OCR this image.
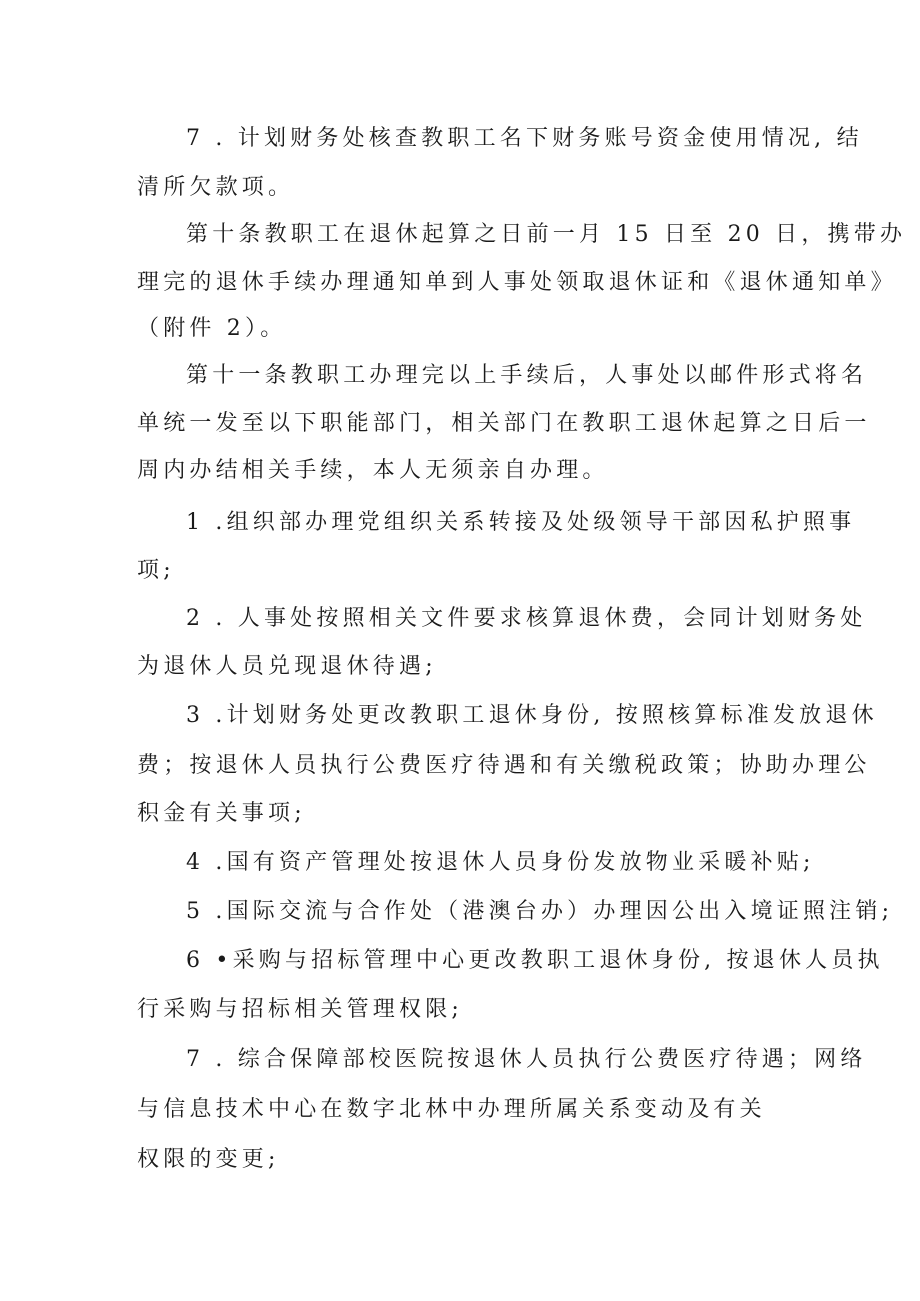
7 . 计划财务处核查教职工名下财务账号资金使用情况, 结
清所欠款项。
第十条教职工在退休起算之日前一月 15 日至 20 日，携带办
理完的退休手续办理通知单到人事处领取退休证和《退休通知单》
（附件 2）。
第十一条教职工办理完以上手续后，人事处以邮件形式将名
单统一发至以下职能部门，相关部门在教职工退休起算之日后一
周内办结相关手续，本人无须亲自办理。
1 .组织部办理党组织关系转接及处级领导干部因私护照事
项;
2 . 人事处按照相关文件要求核算退休费，会同计划财务处
为退休人员兑现退休待遇;
3 .计划财务处更改教职工退休身份, 按照核算标准发放退休
费；按退休人员执行公费医疗待遇和有关缴税政策；协助办理公
积金有关事项;
4 .国有资产管理处按退休人员身份发放物业采暖补贴;
5 .国际交流与合作处（港澳台办）办理因公出入境证照注销;
6 •采购与招标管理中心更改教职工退休身份, 按退休人员执
行采购与招标相关管理权限;
7 . 综合保障部校医院按退休人员执行公费医疗待遇；网络
与信息技术中心在数字北林中办理所属关系变动及有关
权限的变更;
